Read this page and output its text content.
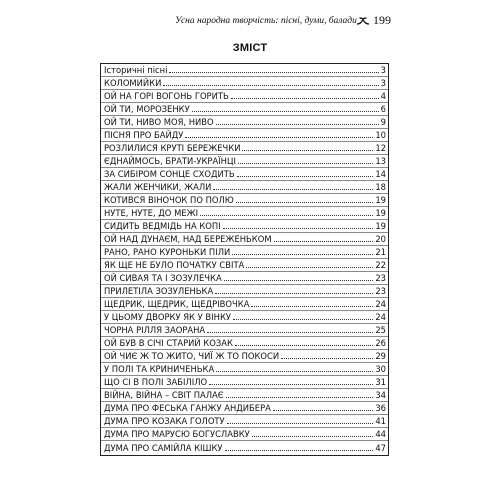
Усна народна творчість: пісні, думи, балади 199
ЗМІСТ
Історичні пісні	3
КОЛОМИЙКИ	3
ОЙ НА ГОРІ ВОГОНЬ ГОРИТЬ	4
ОЙ ТИ, МОРОЗЕНКУ	6
ОЙ ТИ, НИВО МОЯ, НИВО	9
ПІСНЯ ПРО БАЙДУ	10
РОЗЛИЛИСЯ КРУТІ БЕРЕЖЕЧКИ	12
ЄДНАЙМОСЬ, БРАТИ-УКРАЇНЦІ	13
ЗА СИБІРОМ СОНЦЕ СХОДИТЬ	14
ЖАЛИ ЖЕНЧИКИ, ЖАЛИ	18
КОТИВСЯ ВІНОЧОК ПО ПОЛЮ	19
НУТЕ, НУТЕ, ДО МЕЖІ	19
СИДИТЬ ВЕДМІДЬ НА КОПІ	19
ОЙ НАД ДУНАЄМ, НАД БЕРЕЖЕНЬКОМ	20
РАНО, РАНО КУРОНЬКИ ПІЛИ	21
ЯК ЩЕ НЕ БУЛО ПОЧАТКУ СВІТА	22
ОЙ СИВАЯ ТА І ЗОЗУЛЕЧКА	23
ПРИЛЕТІЛА ЗОЗУЛЕНЬКА	23
ЩЕДРИК, ЩЕДРИК, ЩЕДРІВОЧКА	24
У ЦЬОМУ ДВОРКУ ЯК У ВІНКУ	24
ЧОРНА РІЛЛЯ ЗАОРАНА	25
ОЙ БУВ В СІЧІ СТАРИЙ КОЗАК	26
ОЙ ЧИЄ Ж ТО ЖИТО, ЧИЇ Ж ТО ПОКОСИ	29
У ПОЛІ ТА КРИНИЧЕНЬКА	30
ЩО СІ В ПОЛІ ЗАБІЛІЛО	31
ВІЙНА, ВІЙНА – СВІТ ПАЛАЄ	34
ДУМА ПРО ФЕСЬКА ГАНЖУ АНДИБЕРА	36
ДУМА ПРО КОЗАКА ГОЛОТУ	41
ДУМА ПРО МАРУСЮ БОГУСЛАВКУ	44
ДУМА ПРО САМІЙЛА КІШКУ	47
